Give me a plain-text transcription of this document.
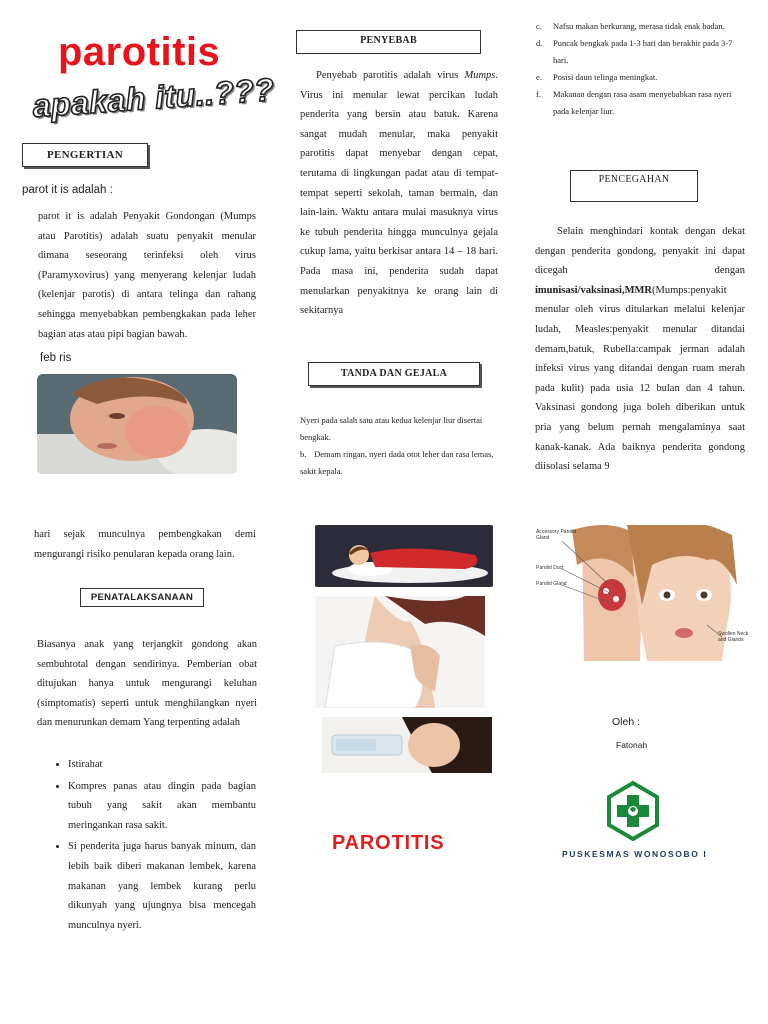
parotitis
apakah itu..???
PENGERTIAN
parot it is adalah :
parot it is adalah Penyakit Gondongan (Mumps atau Parotitis) adalah suatu penyakit menular dimana seseorang terinfeksi oleh virus (Paramyxovirus) yang menyerang kelenjar ludah (kelenjar parotis) di antara telinga dan rahang sehingga menyebabkan pembengkakan pada leher bagian atas atau pipi bagian bawah.
feb ris
hari sejak munculnya pembengkakan demi mengurangi risiko penularan kepada orang lain.
PENATALAKSANAAN
Biasanya anak yang terjangkit gondong akan sembuhtotal dengan sendirinya. Pemberian obat ditujukan hanya untuk mengurangi keluhan (simptomatis) seperti untuk menghilangkan nyeri dan menurunkan demam Yang terpenting adalah
• Istirahat
• Kompres panas atau dingin pada bagian tubuh yang sakit akan membantu meringankan rasa sakit.
• Si penderita juga harus banyak minum, dan lebih baik diberi makanan lembek, karena makanan yang lembek kurang perlu dikunyah yang ujungnya bisa mencegah munculnya nyeri.
PENYEBAB
Penyebab parotitis adalah virus Mumps. Virus ini menular lewat percikan ludah penderita yang bersin atau batuk. Karena sangat mudah menular, maka penyakit parotitis dapat menyebar dengan cepat, terutama di lingkungan padat atau di tempat-tempat seperti sekolah, taman bermain, dan lain-lain. Waktu antara mulai masuknya virus ke tubuh penderita hingga munculnya gejala cukup lama, yaitu berkisar antara 14 – 18 hari. Pada masa ini, penderita sudah dapat menularkan penyakitnya ke orang lain di sekitarnya
TANDA DAN GEJALA
Nyeri pada salah satu atau kedua kelenjar liur disertai bengkak.
b. Demam ringan, nyeri dada otot leher dan rasa lemas, sakit kepala.
PAROTITIS
c.	Nafsu makan berkurang, merasa tidak enak badan.
d.	Puncak bengkak pada 1-3 hari dan berakhir pada 3-7 hari.
e.	Posisi daun telinga meningkat.
f.	Makanan dengan rasa asam menyebabkan rasa nyeri pada kelenjar liur.
PENCEGAHAN
Selain menghindari kontak dengan dekat dengan penderita gondong, penyakit ini dapat dicegah dengan imunisasi/vaksinasi,MMR(Mumps:penyakit menular oleh virus ditularkan melalui kelenjar ludah, Measles:penyakit menular ditandai demam,batuk, Rubella:campak jerman adalah infeksi virus yang ditandai dengan ruam merah pada kulit) pada usia 12 bulan dan 4 tahun. Vaksinasi gondong juga boleh diberikan untuk pria yang belum pernah mengalaminya saat kanak-kanak. Ada baiknya penderita gondong diisolasi selama 9
Accessory Parotid Gland
Parotid Duct
Parotid Gland
Swollen Neck and Glands
Oleh :
Fatonah
PUSKESMAS WONOSOBO I
